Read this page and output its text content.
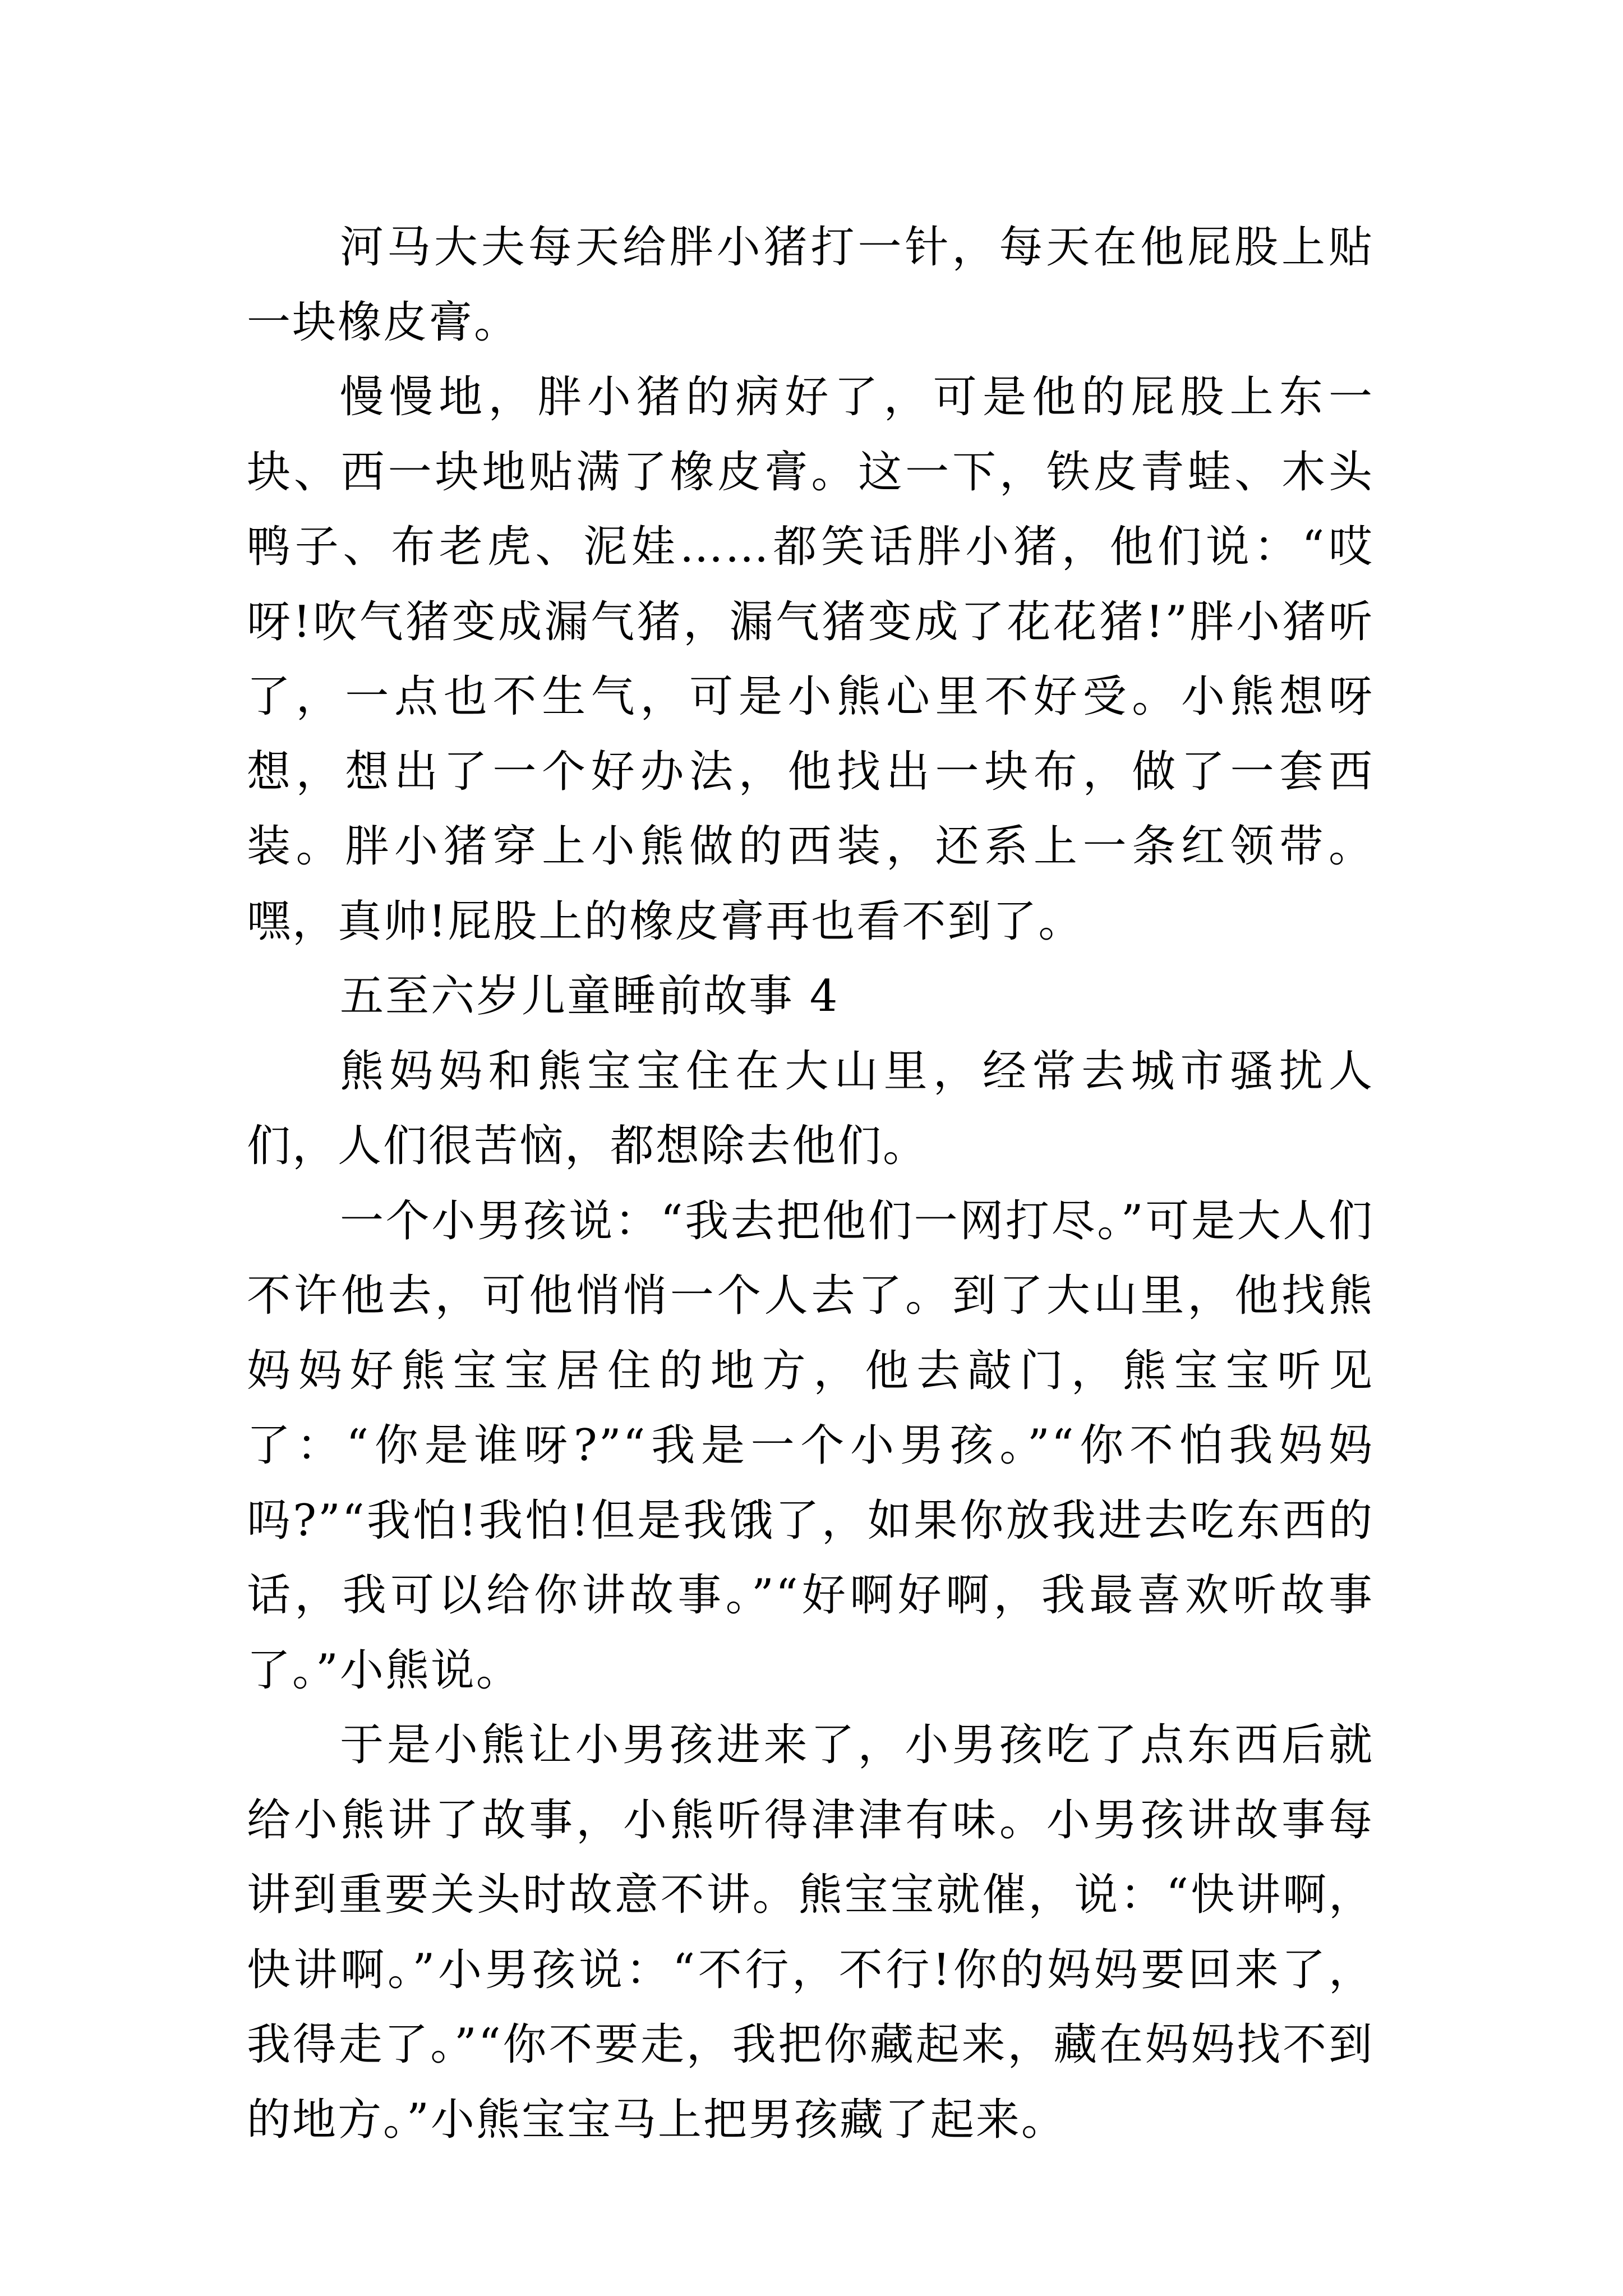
河马大夫每天给胖小猪打一针，每天在他屁股上贴一块橡皮膏。

慢慢地，胖小猪的病好了，可是他的屁股上东一块、西一块地贴满了橡皮膏。这一下，铁皮青蛙、木头鸭子、布老虎、泥娃……都笑话胖小猪，他们说：“哎呀!吹气猪变成漏气猪，漏气猪变成了花花猪!”胖小猪听了，一点也不生气，可是小熊心里不好受。小熊想呀想，想出了一个好办法，他找出一块布，做了一套西装。胖小猪穿上小熊做的西装，还系上一条红领带。嘿，真帅!屁股上的橡皮膏再也看不到了。

五至六岁儿童睡前故事 4

熊妈妈和熊宝宝住在大山里，经常去城市骚扰人们，人们很苦恼，都想除去他们。

一个小男孩说：“我去把他们一网打尽。”可是大人们不许他去，可他悄悄一个人去了。到了大山里，他找熊妈妈好熊宝宝居住的地方，他去敲门，熊宝宝听见了：“你是谁呀?”“我是一个小男孩。”“你不怕我妈妈吗?”“我怕!我怕!但是我饿了，如果你放我进去吃东西的话，我可以给你讲故事。”“好啊好啊，我最喜欢听故事了。”小熊说。

于是小熊让小男孩进来了，小男孩吃了点东西后就给小熊讲了故事，小熊听得津津有味。小男孩讲故事每讲到重要关头时故意不讲。熊宝宝就催，说：“快讲啊，快讲啊。”小男孩说：“不行，不行!你的妈妈要回来了，我得走了。”“你不要走，我把你藏起来，藏在妈妈找不到的地方。”小熊宝宝马上把男孩藏了起来。
